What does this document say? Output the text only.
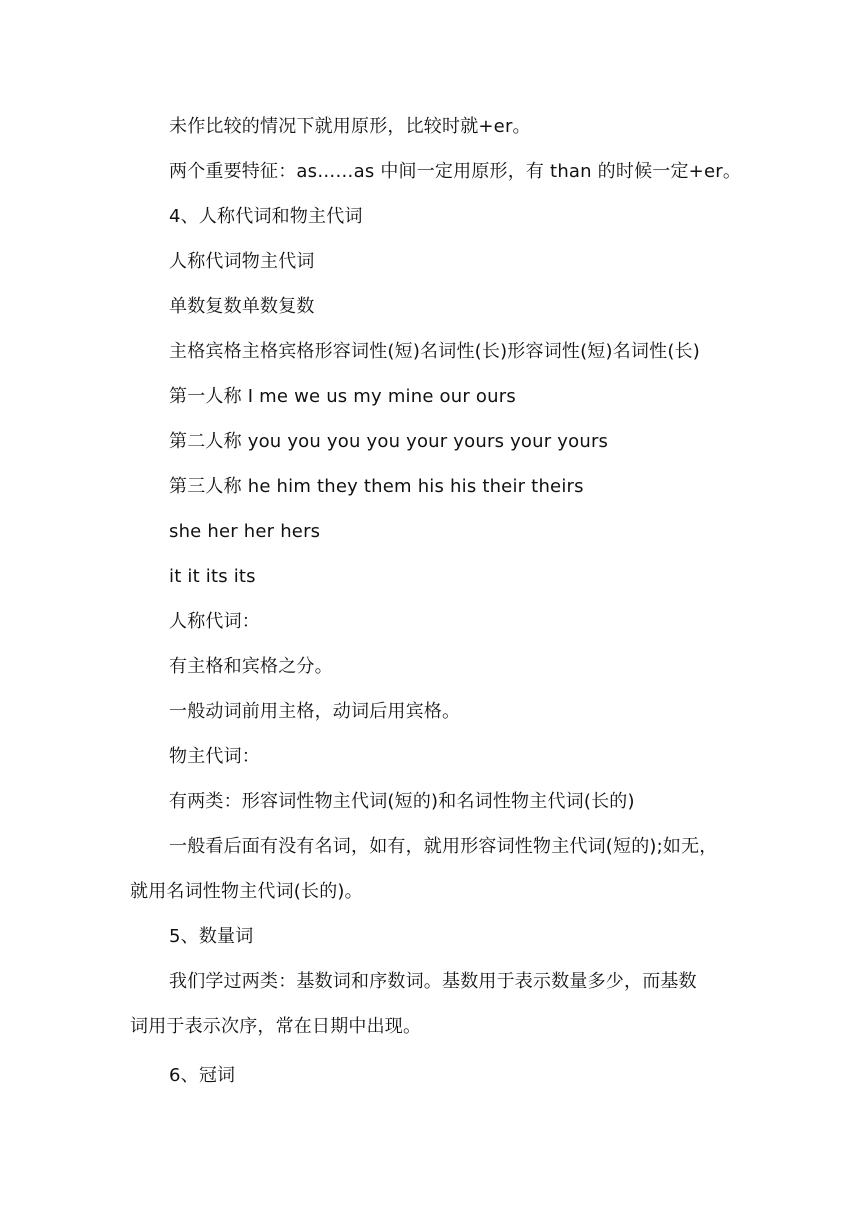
未作比较的情况下就用原形，比较时就+er。
两个重要特征：as……as 中间一定用原形，有 than 的时候一定+er。
4、人称代词和物主代词
人称代词物主代词
单数复数单数复数
主格宾格主格宾格形容词性(短)名词性(长)形容词性(短)名词性(长)
第一人称 I me we us my mine our ours
第二人称 you you you you your yours your yours
第三人称 he him they them his his their theirs
she her her hers
it it its its
人称代词：
有主格和宾格之分。
一般动词前用主格，动词后用宾格。
物主代词：
有两类：形容词性物主代词(短的)和名词性物主代词(长的)
一般看后面有没有名词，如有，就用形容词性物主代词(短的);如无，
就用名词性物主代词(长的)。
5、数量词
我们学过两类：基数词和序数词。基数用于表示数量多少，而基数
词用于表示次序，常在日期中出现。
6、冠词
